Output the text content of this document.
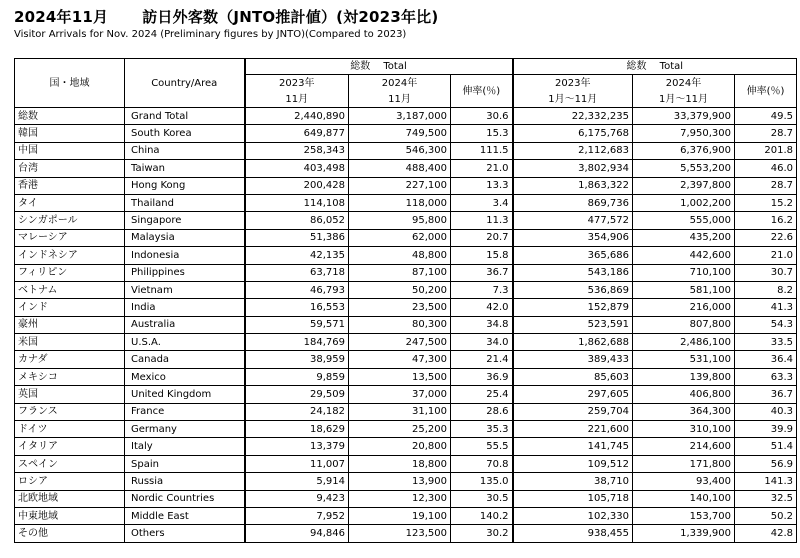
2024年11月 訪日外客数（JNTO推計値）(対2023年比)
Visitor Arrivals for Nov. 2024 (Preliminary figures by JNTO)(Compared to 2023)
国・地域	Country/Area	総数　 Total			総数　 Total		
		2023年	2024年	伸率(％)	2023年	2024年	伸率(％)
		11月	11月		1月～11月	1月～11月	
総数	Grand Total	2,440,890	3,187,000	30.6	22,332,235	33,379,900	49.5
韓国	South Korea	649,877	749,500	15.3	6,175,768	7,950,300	28.7
中国	China	258,343	546,300	111.5	2,112,683	6,376,900	201.8
台湾	Taiwan	403,498	488,400	21.0	3,802,934	5,553,200	46.0
香港	Hong Kong	200,428	227,100	13.3	1,863,322	2,397,800	28.7
タイ	Thailand	114,108	118,000	3.4	869,736	1,002,200	15.2
シンガポール	Singapore	86,052	95,800	11.3	477,572	555,000	16.2
マレーシア	Malaysia	51,386	62,000	20.7	354,906	435,200	22.6
インドネシア	Indonesia	42,135	48,800	15.8	365,686	442,600	21.0
フィリピン	Philippines	63,718	87,100	36.7	543,186	710,100	30.7
ベトナム	Vietnam	46,793	50,200	7.3	536,869	581,100	8.2
インド	India	16,553	23,500	42.0	152,879	216,000	41.3
豪州	Australia	59,571	80,300	34.8	523,591	807,800	54.3
米国	U.S.A.	184,769	247,500	34.0	1,862,688	2,486,100	33.5
カナダ	Canada	38,959	47,300	21.4	389,433	531,100	36.4
メキシコ	Mexico	9,859	13,500	36.9	85,603	139,800	63.3
英国	United Kingdom	29,509	37,000	25.4	297,605	406,800	36.7
フランス	France	24,182	31,100	28.6	259,704	364,300	40.3
ドイツ	Germany	18,629	25,200	35.3	221,600	310,100	39.9
イタリア	Italy	13,379	20,800	55.5	141,745	214,600	51.4
スペイン	Spain	11,007	18,800	70.8	109,512	171,800	56.9
ロシア	Russia	5,914	13,900	135.0	38,710	93,400	141.3
北欧地域	Nordic Countries	9,423	12,300	30.5	105,718	140,100	32.5
中東地域	Middle East	7,952	19,100	140.2	102,330	153,700	50.2
その他	Others	94,846	123,500	30.2	938,455	1,339,900	42.8
